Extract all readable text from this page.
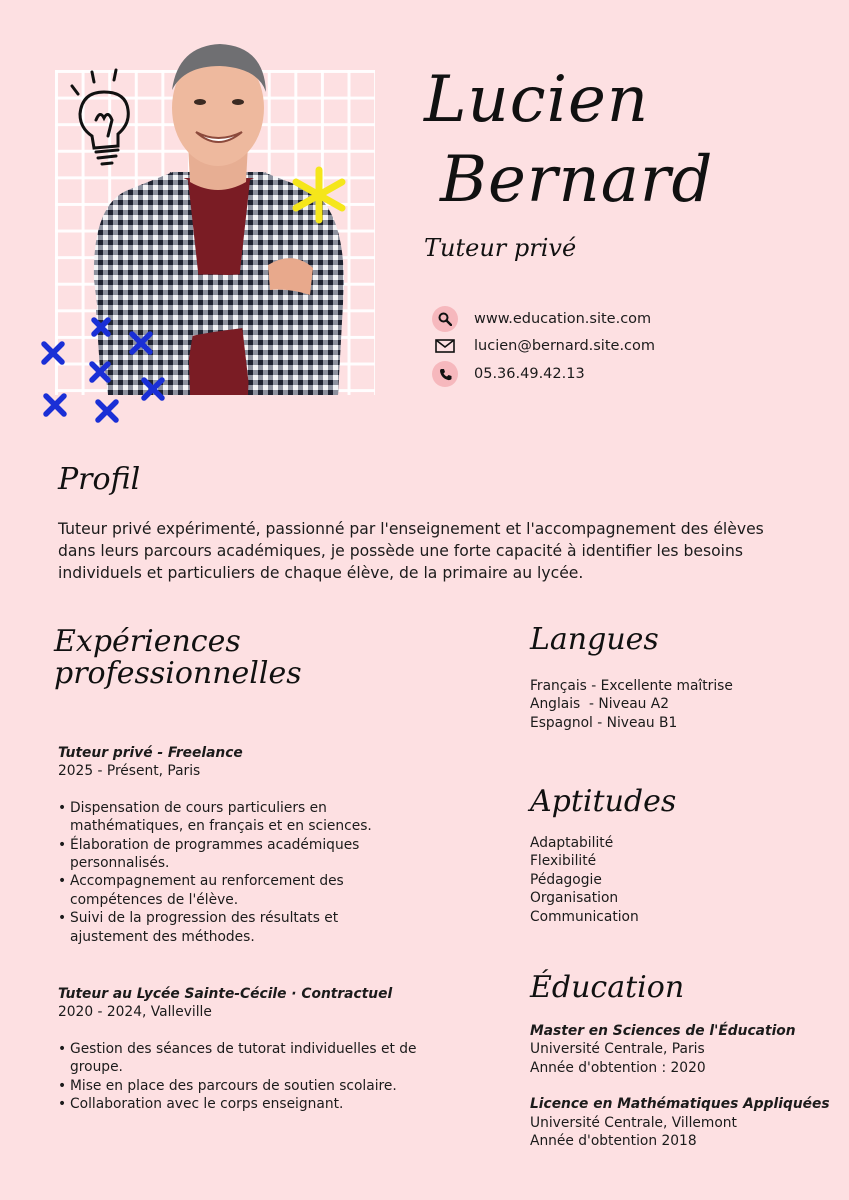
Lucien
Bernard
Tuteur privé
www.education.site.com
lucien@bernard.site.com
05.36.49.42.13
Profil
Tuteur privé expérimenté, passionné par l'enseignement et l'accompagnement des élèves dans leurs parcours académiques, je possède une forte capacité à identifier les besoins individuels et particuliers de chaque élève, de la primaire au lycée.
Expériences professionnelles
Tuteur privé - Freelance
2025 - Présent, Paris
• Dispensation de cours particuliers en mathématiques, en français et en sciences.
• Élaboration de programmes académiques personnalisés.
• Accompagnement au renforcement des compétences de l'élève.
• Suivi de la progression des résultats et ajustement des méthodes.
Tuteur au Lycée Sainte-Cécile · Contractuel
2020 - 2024, Valleville
• Gestion des séances de tutorat individuelles et de groupe.
• Mise en place des parcours de soutien scolaire.
• Collaboration avec le corps enseignant.
Langues
Français - Excellente maîtrise
Anglais  - Niveau A2
Espagnol - Niveau B1
Aptitudes
Adaptabilité
Flexibilité
Pédagogie
Organisation
Communication
Éducation
Master en Sciences de l'Éducation
Université Centrale, Paris
Année d'obtention : 2020
Licence en Mathématiques Appliquées
Université Centrale, Villemont
Année d'obtention 2018
